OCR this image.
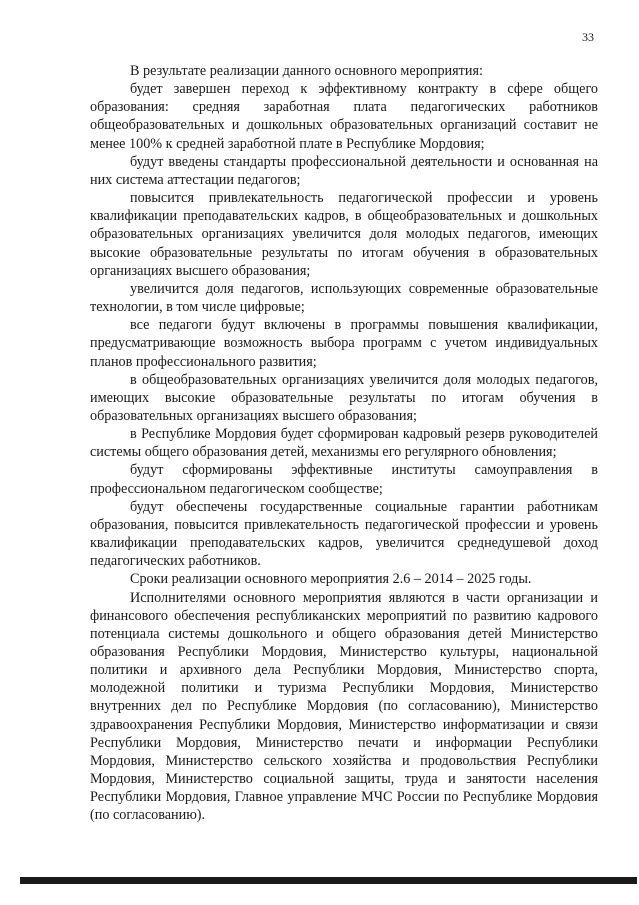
33

В результате реализации данного основного мероприятия:

будет завершен переход к эффективному контракту в сфере общего образования: средняя заработная плата педагогических работников общеобразовательных и дошкольных образовательных организаций составит не менее 100% к средней заработной плате в Республике Мордовия;

будут введены стандарты профессиональной деятельности и основанная на них система аттестации педагогов;

повысится привлекательность педагогической профессии и уровень квалификации преподавательских кадров, в общеобразовательных и дошкольных образовательных организациях увеличится доля молодых педагогов, имеющих высокие образовательные результаты по итогам обучения в образовательных организациях высшего образования;

увеличится доля педагогов, использующих современные образовательные технологии, в том числе цифровые;

все педагоги будут включены в программы повышения квалификации, предусматривающие возможность выбора программ с учетом индивидуальных планов профессионального развития;

в общеобразовательных организациях увеличится доля молодых педагогов, имеющих высокие образовательные результаты по итогам обучения в образовательных организациях высшего образования;

в Республике Мордовия будет сформирован кадровый резерв руководителей системы общего образования детей, механизмы его регулярного обновления;

будут сформированы эффективные институты самоуправления в профессиональном педагогическом сообществе;

будут обеспечены государственные социальные гарантии работникам образования, повысится привлекательность педагогической профессии и уровень квалификации преподавательских кадров, увеличится среднедушевой доход педагогических работников.

Сроки реализации основного мероприятия 2.6 – 2014 – 2025 годы.

Исполнителями основного мероприятия являются в части организации и финансового обеспечения республиканских мероприятий по развитию кадрового потенциала системы дошкольного и общего образования детей Министерство образования Республики Мордовия, Министерство культуры, национальной политики и архивного дела Республики Мордовия, Министерство спорта, молодежной политики и туризма Республики Мордовия, Министерство внутренних дел по Республике Мордовия (по согласованию), Министерство здравоохранения Республики Мордовия, Министерство информатизации и связи Республики Мордовия, Министерство печати и информации Республики Мордовия, Министерство сельского хозяйства и продовольствия Республики Мордовия, Министерство социальной защиты, труда и занятости населения Республики Мордовия, Главное управление МЧС России по Республике Мордовия (по согласованию).
